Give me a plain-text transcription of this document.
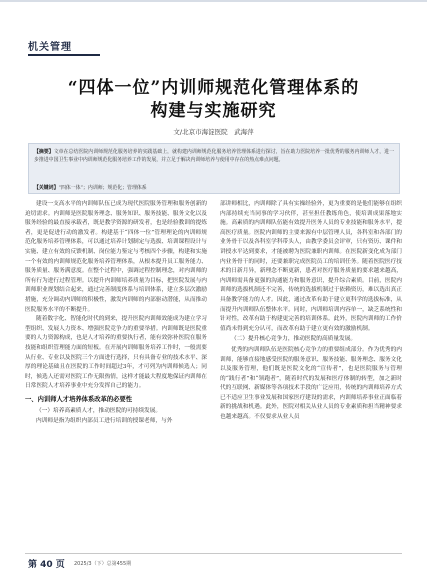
机关管理
“四体一位”内训师规范化管理体系的
构建与实施研究
文/北京市海淀医院　武海萍
【摘要】文章在总结医院内训师规范化服务培养的实践基础上，就构建内训师规范化服务培养管理体系进行探讨，旨在助力医院培养一批优秀的服务内训师人才，进一步推进中国卫生事业中内训师规范化服务培养工作的发展，并立足于解决内训师培养与使用中存在的热点难点问题。
【关键词】“四体一体”；内训师；规范化；管理体系

建设一支高水平的内训师队伍已成为现代医院服务管理和服务创新的迫切需求。内训师是医院服务理念、服务知识、服务技能、服务文化以及服务经验的最直接承载者，既是教学资源的研发者，也是经验教训的提炼者，更是促进行动的激发者。构建基于“四体一位”管理理论的内训师规范化服务培养管理体系，可以通过培养计划制定与选拔、培训课程设计与实施、建立有效的反馈机制、岗位能力鉴定与考核四个步骤，构建和实施一个有效的内训师规范化服务培养管理体系，从根本提升员工服务能力、服务质量、服务满意度。在整个过程中，强调过程控制理念，对内训师的所有行为进行过程管理。以提升内训师培养质量为目标，把医院发展与内训师职业规划结合起来，通过完善制度体系与培训体系，建立多层次激励措施，充分调动内训师的积极性，激发内训师的内部驱动潜能，从而推动医院服务水平的不断提升。

随着数字化、智能化时代的到来，提升医院内训师效能成为建立学习型组织、发展人力资本、增强医院竞争力的重要举措。内训师既是医院重要的人力资源构成，也是人才培养的重要执行者，能有效弥补医院在服务技能和组织管理能力面的短板。在开展内训师服务培养工作时，一般需要从行业、专业以及医院三个方面进行选择，只有具备专业的技术水平、深厚的理论基础且在医院的工作时间超过3年，才可列为内训师候选人；同时，候选人还需对医院工作无限热情，这样才能最大程度地保证内训师在日常医院人才培养事业中充分发挥自己的能力。

一、内训师人才培养体系改革的必要性
（一）培养高素质人才，推动医院的可持续发展。

内训师是指为组织内部员工进行培训的授课老师，与外

部讲师相比，内训师除了具有实操经验外，更为重要的是他们能够在组织内部持续充当同事的学习伙伴，甚至担任教练角色，使培训成果落地实施。高素质的内训师队伍能有效提升医务人员的专业技能和服务水平，提高医疗质量。医院内训师的主要来源有中层管理人员，各科室和各部门的业务骨干以及各科室学科带头人，由教学委员会评审，只有资历、课件和讲授水平达到要求，才能被聘为医院兼职内训师。在医院新变化成为部门内业务骨干的同时，还要兼职完成医院员工的培训任务。随着医院医疗技术的日新月异，新理念不断更新，患者对医疗服务质量的要求越来越高，内训师需具备更强的沟通能力和服务意识，提升综合素质。目前，医院内训师的选拔机制还不完善，传统的选拔机制过于依赖资历，难以选出真正具备教学能力的人才。因此，通过改革有助于建立更科学的选拔标准，从而提升内训师队伍整体水平。同时，内训师培训内容单一，缺乏系统性和针对性，改革有助于构建更完善的培训体系。此外，医院内训师的工作价值尚未得到充分认可，而改革有助于建立更有效的激励机制。

（二）提升核心竞争力，推动医院的高质量发展。

优秀的内训师队伍是医院核心竞争力的重要组成部分。作为优秀的内训师，能够直接地感受医院的服务意识、服务技能、服务理念、服务文化以及服务管理，他们既是医院文化的“宣传者”，也是医院服务与管理的“践行者”和“领跑者”，随着时代的发展和医疗体制的转型，加之新时代的互联网、新媒体等各项技术手段的广泛应用，传统的内训师培养方式已不适应卫生事业发展和国家医疗建设的需求，内训师培养事业正面临着新的挑战和机遇。此外，医院对相关从业人员的专业素质和担当精神要求也越来越高。不仅要求从业人员

第 40 页 2025/3（下）总第455期
